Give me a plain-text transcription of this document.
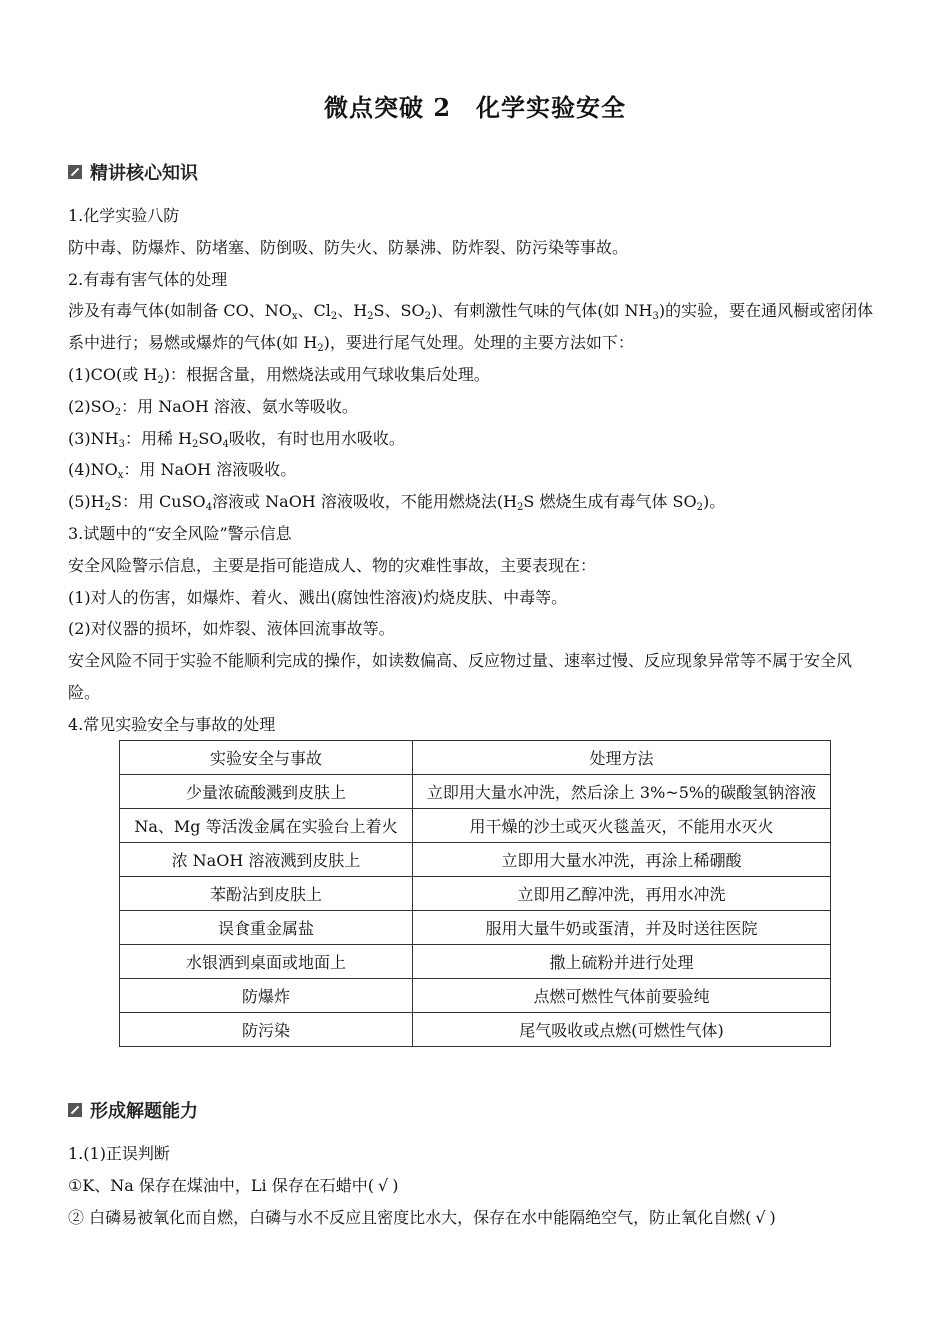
微点突破 2　化学实验安全
精讲核心知识

1.化学实验八防

防中毒、防爆炸、防堵塞、防倒吸、防失火、防暴沸、防炸裂、防污染等事故。

2.有毒有害气体的处理

涉及有毒气体(如制备 CO、$NO_x$、$Cl_2$、$H_2S$、$SO_2$)、有刺激性气味的气体(如 $NH_3$)的实验，要在通风橱或密闭体系中进行；易燃或爆炸的气体(如 $H_2$)，要进行尾气处理。处理的主要方法如下：

(1)CO(或 $H_2$)：根据含量，用燃烧法或用气球收集后处理。

$(2)SO_2$：用 NaOH 溶液、氨水等吸收。

$(3)NH_3$：用稀 $H_2SO_4$吸收，有时也用水吸收。

$(4)NO_x$：用 NaOH 溶液吸收。

$(5)H_2S$：用 CuSO$_4$溶液或 NaOH 溶液吸收，不能用燃烧法($H_2S$ 燃烧生成有毒气体 $SO_2$)。

3.试题中的“安全风险”警示信息

安全风险警示信息，主要是指可能造成人、物的灾难性事故，主要表现在：

(1)对人的伤害，如爆炸、着火、溅出(腐蚀性溶液)灼烧皮肤、中毒等。

(2)对仪器的损坏，如炸裂、液体回流事故等。

安全风险不同于实验不能顺利完成的操作，如读数偏高、反应物过量、速率过慢、反应现象异常等不属于安全风险。

4.常见实验安全与事故的处理

实验安全与事故	处理方法
少量浓硫酸溅到皮肤上	立即用大量水冲洗，然后涂上 3%~5%的碳酸氢钠溶液
Na、Mg 等活泼金属在实验台上着火	用干燥的沙土或灭火毯盖灭，不能用水灭火
浓 NaOH 溶液溅到皮肤上	立即用大量水冲洗，再涂上稀硼酸
苯酚沾到皮肤上	立即用乙醇冲洗，再用水冲洗
误食重金属盐	服用大量牛奶或蛋清，并及时送往医院
水银洒到桌面或地面上	撒上硫粉并进行处理
防爆炸	点燃可燃性气体前要验纯
防污染	尾气吸收或点燃(可燃性气体)
形成解题能力

1.(1)正误判断

①K、Na 保存在煤油中，Li 保存在石蜡中( √ )

② 白磷易被氧化而自燃，白磷与水不反应且密度比水大，保存在水中能隔绝空气，防止氧化自燃( √ )
